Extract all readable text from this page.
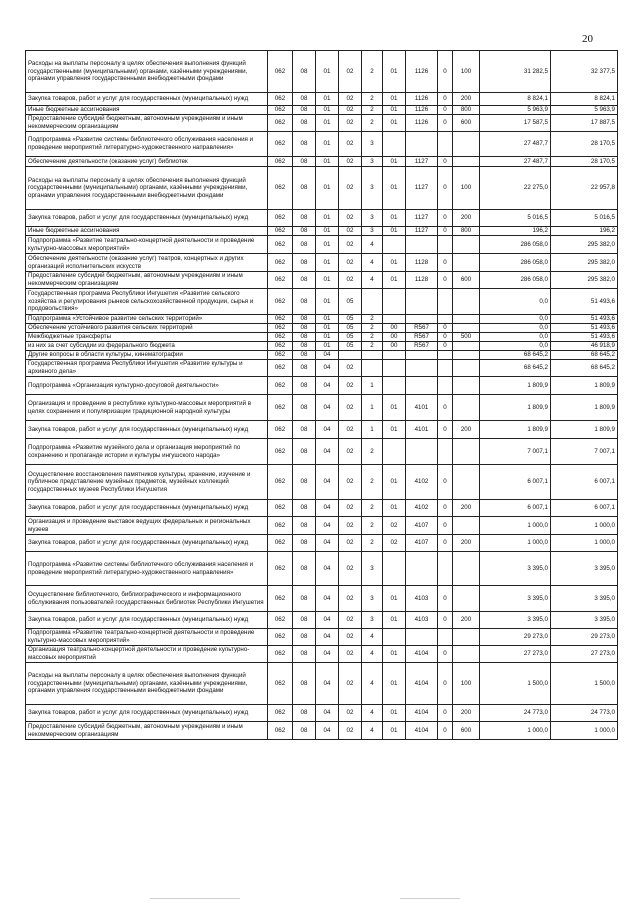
20
Расходы на выплаты персоналу в целях обеспечения выполнения функций государственными (муниципальными) органами, казёнными учреждениями, органами управления государственными внебюджетными фондами	062	08	01	02	2	01	1126	0	100	31 282,5	32 377,5
Закупка товаров, работ и услуг для государственных (муниципальных) нужд	062	08	01	02	2	01	1126	0	200	8 824,1	8 824,1
Иные бюджетные ассигнования	062	08	01	02	2	01	1126	0	800	5 963,9	5 963,9
Предоставление субсидий бюджетным, автономным учреждениям и иным некоммерческим организациям	062	08	01	02	2	01	1126	0	600	17 587,5	17 887,5
Подпрограмма «Развитие системы библиотечного обслуживания населения и проведение мероприятий литературно-художественного направления»	062	08	01	02	3					27 487,7	28 170,5
Обеспечение деятельности (оказание услуг) библиотек	062	08	01	02	3	01	1127	0		27 487,7	28 170,5
Расходы на выплаты персоналу в целях обеспечения выполнения функций государственными (муниципальными) органами, казёнными учреждениями, органами управления государственными внебюджетными фондами	062	08	01	02	3	01	1127	0	100	22 275,0	22 957,8
Закупка товаров, работ и услуг для государственных (муниципальных) нужд	062	08	01	02	3	01	1127	0	200	5 016,5	5 016,5
Иные бюджетные ассигнования	062	08	01	02	3	01	1127	0	800	196,2	196,2
Подпрограмма «Развитие театрально-концертной деятельности и проведение культурно-массовых мероприятий»	062	08	01	02	4					286 058,0	295 382,0
Обеспечение деятельности (оказание услуг) театров, концертных и других организаций исполнительских искусств	062	08	01	02	4	01	1128	0		286 058,0	295 382,0
Предоставление субсидий бюджетным, автономным учреждениям и иным некоммерческим организациям	062	08	01	02	4	01	1128	0	600	286 058,0	295 382,0
Государственная программа Республики Ингушетия «Развитие сельского хозяйства и регулирования рынков сельскохозяйственной продукции, сырья и продовольствия»	062	08	01	05						0,0	51 493,6
Подпрограмма «Устойчивое развитие сельских территорий»	062	08	01	05	2					0,0	51 493,6
Обеспечение устойчивого развития сельских территорий	062	08	01	05	2	00	R567	0		0,0	51 493,6
Межбюджетные трансферты	062	08	01	05	2	00	R567	0	500	0,0	51 493,6
из них за счет субсидии из федерального бюджета	062	08	01	05	2	00	R567	0		0,0	46 918,9
Другие вопросы в области культуры, кинематографии	062	08	04							68 645,2	68 645,2
Государственная программа Республики Ингушетия «Развитие культуры и архивного дела»	062	08	04	02						68 645,2	68 645,2
Подпрограмма «Организация культурно-досуговой деятельности»	062	08	04	02	1					1 809,9	1 809,9
Организация и проведение в республике культурно-массовых мероприятий в целях сохранения и популяризации традиционной народной культуры	062	08	04	02	1	01	4101	0		1 809,9	1 809,9
Закупка товаров, работ и услуг для государственных (муниципальных) нужд	062	08	04	02	1	01	4101	0	200	1 809,9	1 809,9
Подпрограмма «Развитие музейного дела и организация мероприятий по сохранению и пропаганде истории и культуры ингушского народа»	062	08	04	02	2					7 007,1	7 007,1
Осуществление восстановления памятников культуры, хранение, изучение и публичное представление музейных предметов, музейных коллекций государственных музеев Республики Ингушетия	062	08	04	02	2	01	4102	0		6 007,1	6 007,1
Закупка товаров, работ и услуг для государственных (муниципальных) нужд	062	08	04	02	2	01	4102	0	200	6 007,1	6 007,1
Организация и проведение выставок ведущих федеральных и региональных музеев	062	08	04	02	2	02	4107	0		1 000,0	1 000,0
Закупка товаров, работ и услуг для государственных (муниципальных) нужд	062	08	04	02	2	02	4107	0	200	1 000,0	1 000,0
Подпрограмма «Развитие системы библиотечного обслуживания населения и проведение мероприятий литературно-художественного направления»	062	08	04	02	3					3 395,0	3 395,0
Осуществление библиотечного, библиографического и информационного обслуживания пользователей государственных библиотек Республики Ингушетия	062	08	04	02	3	01	4103	0		3 395,0	3 395,0
Закупка товаров, работ и услуг для государственных (муниципальных) нужд	062	08	04	02	3	01	4103	0	200	3 395,0	3 395,0
Подпрограмма «Развитие театрально-концертной деятельности и проведение культурно-массовых мероприятий»	062	08	04	02	4					29 273,0	29 273,0
Организация театрально-концертной деятельности и проведение культурно-массовых мероприятий	062	08	04	02	4	01	4104	0		27 273,0	27 273,0
Расходы на выплаты персоналу в целях обеспечения выполнения функций государственными (муниципальными) органами, казёнными учреждениями, органами управления государственными внебюджетными фондами	062	08	04	02	4	01	4104	0	100	1 500,0	1 500,0
Закупка товаров, работ и услуг для государственных (муниципальных) нужд	062	08	04	02	4	01	4104	0	200	24 773,0	24 773,0
Предоставление субсидий бюджетным, автономным учреждениям и иным некоммерческим организациям	062	08	04	02	4	01	4104	0	600	1 000,0	1 000,0
